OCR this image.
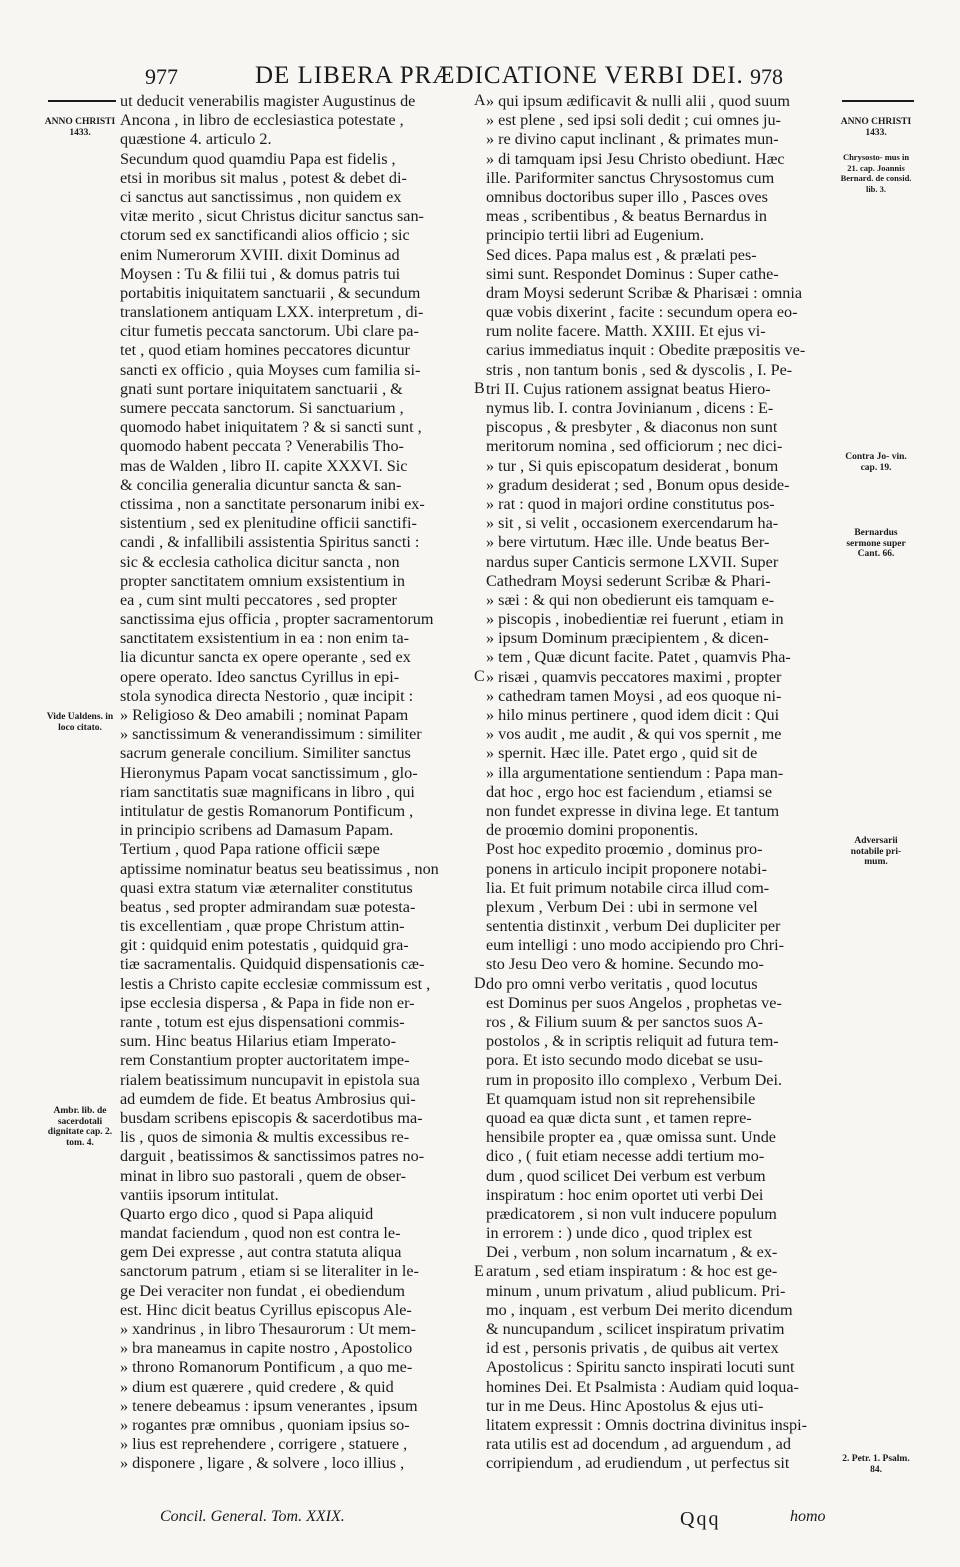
977	DE LIBERA PRÆDICATIONE VERBI DEI. 978
ANNO CHRISTI 1433.
ANNO CHRISTI 1433.
Chrysosto- mus in 21. cap. Joannis Bernard. de consid. lib. 3.
Contra Jo- vin. cap. 19.
Bernardus sermone super Cant. 66.
Adversarii notabile pri- mum.
2. Petr. 1. Psalm. 84.
Vide Ualdens. in loco citato.
Ambr. lib. de sacerdotali dignitate cap. 2. tom. 4.
A
B
C
D
E
ut deducit venerabilis magister Augustinus de
Ancona , in libro de ecclesiastica potestate ,
quæstione 4. articulo 2.
Secundum quod quamdiu Papa est fidelis ,
etsi in moribus sit malus , potest & debet di-
ci sanctus aut sanctissimus , non quidem ex
vitæ merito , sicut Christus dicitur sanctus san-
ctorum sed ex sanctificandi alios officio ; sic
enim Numerorum XVIII. dixit Dominus ad
Moysen : Tu & filii tui , & domus patris tui
portabitis iniquitatem sanctuarii , & secundum
translationem antiquam LXX. interpretum , di-
citur fumetis peccata sanctorum. Ubi clare pa-
tet , quod etiam homines peccatores dicuntur
sancti ex officio , quia Moyses cum familia si-
gnati sunt portare iniquitatem sanctuarii , &
sumere peccata sanctorum. Si sanctuarium ,
quomodo habet iniquitatem ? & si sancti sunt ,
quomodo habent peccata ? Venerabilis Tho-
mas de Walden , libro II. capite XXXVI. Sic
& concilia generalia dicuntur sancta & san-
ctissima , non a sanctitate personarum inibi ex-
sistentium , sed ex plenitudine officii sanctifi-
candi , & infallibili assistentia Spiritus sancti :
sic & ecclesia catholica dicitur sancta , non
propter sanctitatem omnium exsistentium in
ea , cum sint multi peccatores , sed propter
sanctissima ejus officia , propter sacramentorum
sanctitatem exsistentium in ea : non enim ta-
lia dicuntur sancta ex opere operante , sed ex
opere operato. Ideo sanctus Cyrillus in epi-
stola synodica directa Nestorio , quæ incipit :
» Religioso & Deo amabili ; nominat Papam
» sanctissimum & venerandissimum : similiter
sacrum generale concilium. Similiter sanctus
Hieronymus Papam vocat sanctissimum , glo-
riam sanctitatis suæ magnificans in libro , qui
intitulatur de gestis Romanorum Pontificum ,
in principio scribens ad Damasum Papam.
Tertium , quod Papa ratione officii sæpe
aptissime nominatur beatus seu beatissimus , non
quasi extra statum viæ æternaliter constitutus
beatus , sed propter admirandam suæ potesta-
tis excellentiam , quæ prope Christum attin-
git : quidquid enim potestatis , quidquid gra-
tiæ sacramentalis. Quidquid dispensationis cæ-
lestis a Christo capite ecclesiæ commissum est ,
ipse ecclesia dispersa , & Papa in fide non er-
rante , totum est ejus dispensationi commis-
sum. Hinc beatus Hilarius etiam Imperato-
rem Constantium propter auctoritatem impe-
rialem beatissimum nuncupavit in epistola sua
ad eumdem de fide. Et beatus Ambrosius qui-
busdam scribens episcopis & sacerdotibus ma-
lis , quos de simonia & multis excessibus re-
darguit , beatissimos & sanctissimos patres no-
minat in libro suo pastorali , quem de obser-
vantiis ipsorum intitulat.
Quarto ergo dico , quod si Papa aliquid
mandat faciendum , quod non est contra le-
gem Dei expresse , aut contra statuta aliqua
sanctorum patrum , etiam si se literaliter in le-
ge Dei veraciter non fundat , ei obediendum
est. Hinc dicit beatus Cyrillus episcopus Ale-
» xandrinus , in libro Thesaurorum : Ut mem-
» bra maneamus in capite nostro , Apostolico
» throno Romanorum Pontificum , a quo me-
» dium est quærere , quid credere , & quid
» tenere debeamus : ipsum venerantes , ipsum
» rogantes præ omnibus , quoniam ipsius so-
» lius est reprehendere , corrigere , statuere ,
» disponere , ligare , & solvere , loco illius ,
» qui ipsum ædificavit & nulli alii , quod suum
» est plene , sed ipsi soli dedit ; cui omnes ju-
» re divino caput inclinant , & primates mun-
» di tamquam ipsi Jesu Christo obediunt. Hæc
ille. Pariformiter sanctus Chrysostomus cum
omnibus doctoribus super illo , Pasces oves
meas , scribentibus , & beatus Bernardus in
principio tertii libri ad Eugenium.
Sed dices. Papa malus est , & prælati pes-
simi sunt. Respondet Dominus : Super cathe-
dram Moysi sederunt Scribæ & Pharisæi : omnia
quæ vobis dixerint , facite : secundum opera eo-
rum nolite facere. Matth. XXIII. Et ejus vi-
carius immediatus inquit : Obedite præpositis ve-
stris , non tantum bonis , sed & dyscolis , I. Pe-
tri II. Cujus rationem assignat beatus Hiero-
nymus lib. I. contra Jovinianum , dicens : E-
piscopus , & presbyter , & diaconus non sunt
meritorum nomina , sed officiorum ; nec dici-
» tur , Si quis episcopatum desiderat , bonum
» gradum desiderat ; sed , Bonum opus deside-
» rat : quod in majori ordine constitutus pos-
» sit , si velit , occasionem exercendarum ha-
» bere virtutum. Hæc ille. Unde beatus Ber-
nardus super Canticis sermone LXVII. Super
Cathedram Moysi sederunt Scribæ & Phari-
» sæi : & qui non obedierunt eis tamquam e-
» piscopis , inobedientiæ rei fuerunt , etiam in
» ipsum Dominum præcipientem , & dicen-
» tem , Quæ dicunt facite. Patet , quamvis Pha-
» risæi , quamvis peccatores maximi , propter
» cathedram tamen Moysi , ad eos quoque ni-
» hilo minus pertinere , quod idem dicit : Qui
» vos audit , me audit , & qui vos spernit , me
» spernit. Hæc ille. Patet ergo , quid sit de
» illa argumentatione sentiendum : Papa man-
dat hoc , ergo hoc est faciendum , etiamsi se
non fundet expresse in divina lege. Et tantum
de proœmio domini proponentis.
Post hoc expedito proœmio , dominus pro-
ponens in articulo incipit proponere notabi-
lia. Et fuit primum notabile circa illud com-
plexum , Verbum Dei : ubi in sermone vel
sententia distinxit , verbum Dei dupliciter per
eum intelligi : uno modo accipiendo pro Chri-
sto Jesu Deo vero & homine. Secundo mo-
do pro omni verbo veritatis , quod locutus
est Dominus per suos Angelos , prophetas ve-
ros , & Filium suum & per sanctos suos A-
postolos , & in scriptis reliquit ad futura tem-
pora. Et isto secundo modo dicebat se usu-
rum in proposito illo complexo , Verbum Dei.
Et quamquam istud non sit reprehensibile
quoad ea quæ dicta sunt , et tamen repre-
hensibile propter ea , quæ omissa sunt. Unde
dico , ( fuit etiam necesse addi tertium mo-
dum , quod scilicet Dei verbum est verbum
inspiratum : hoc enim oportet uti verbi Dei
prædicatorem , si non vult inducere populum
in errorem : ) unde dico , quod triplex est
Dei , verbum , non solum incarnatum , & ex-
aratum , sed etiam inspiratum : & hoc est ge-
minum , unum privatum , aliud publicum. Pri-
mo , inquam , est verbum Dei merito dicendum
& nuncupandum , scilicet inspiratum privatim
id est , personis privatis , de quibus ait vertex
Apostolicus : Spiritu sancto inspirati locuti sunt
homines Dei. Et Psalmista : Audiam quid loqua-
tur in me Deus. Hinc Apostolus & ejus uti-
litatem expressit : Omnis doctrina divinitus inspi-
rata utilis est ad docendum , ad arguendum , ad
corripiendum , ad erudiendum , ut perfectus sit
Concil. General. Tom. XXIX.	Qqq	homo
